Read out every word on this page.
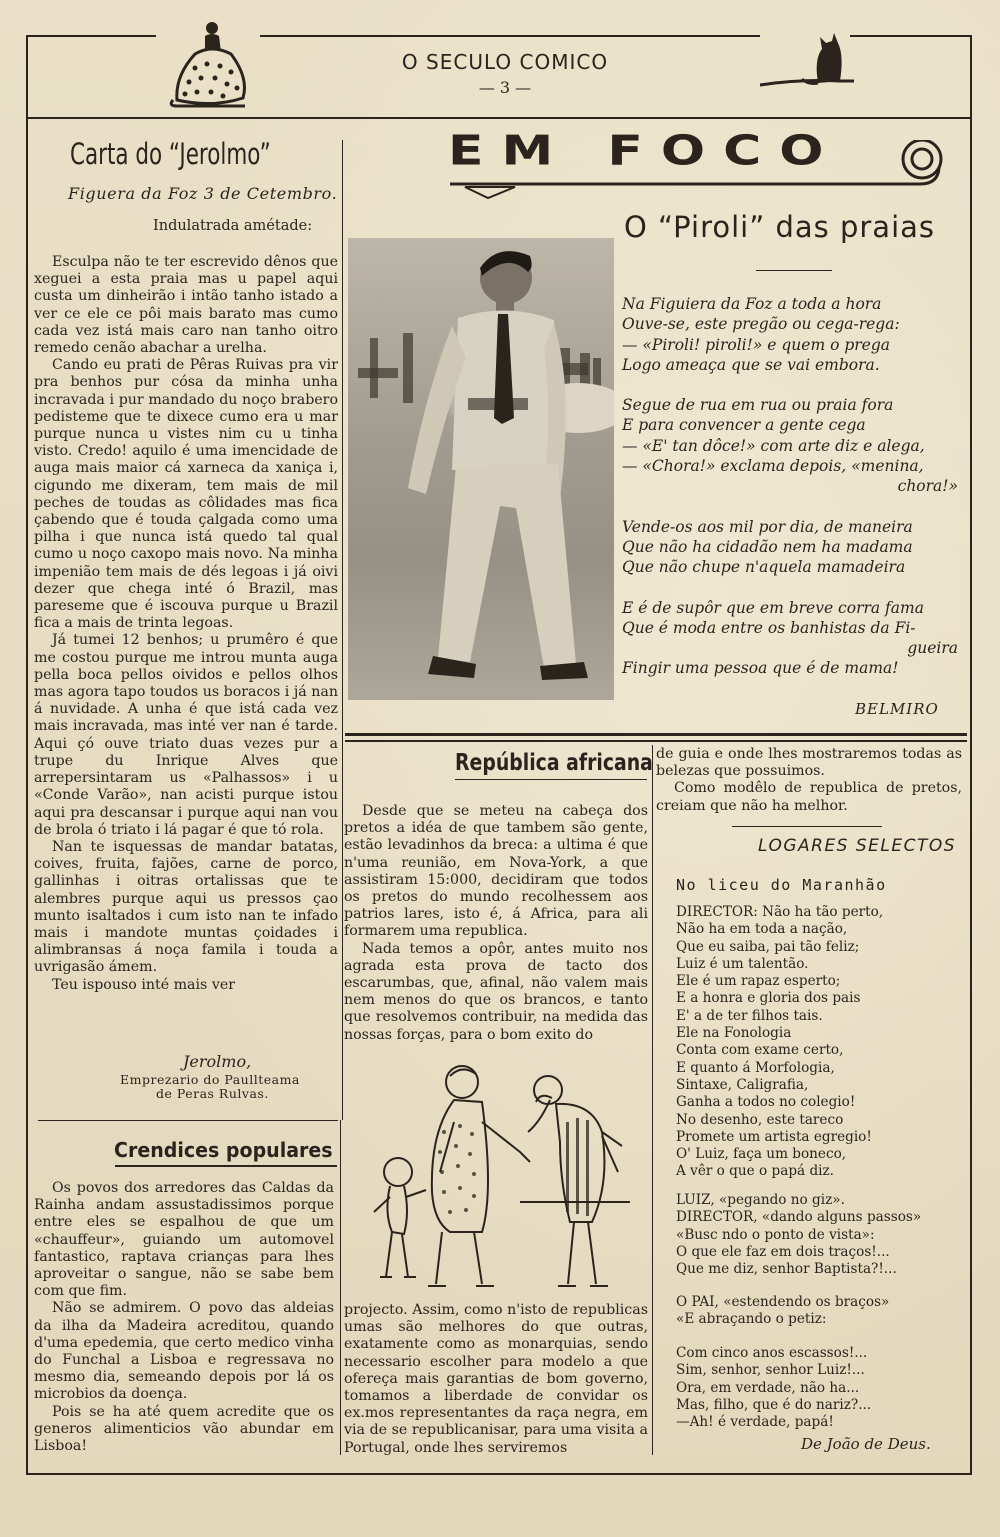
O SECULO COMICO
— 3 —
Carta do “Jerolmo”
Figuera da Foz 3 de Cetembro.
Indulatrada amétade:

Esculpa não te ter escrevido dênos que xeguei a esta praia mas u papel aqui custa um dinheirão i intão tanho istado a ver ce ele ce pôi mais barato mas cumo cada vez istá mais caro nan tanho oitro remedo cenão abachar a urelha.

Cando eu prati de Pêras Ruivas pra vir pra benhos pur cósa da minha unha incravada i pur mandado du noço brabero pedisteme que te dixece cumo era u mar purque nunca u vistes nim cu u tinha visto. Credo! aquilo é uma imencidade de auga mais maior cá xarneca da xaniça i, cigundo me dixeram, tem mais de mil peches de toudas as côlidades mas fica çabendo que é touda çalgada como uma pilha i que nunca istá quedo tal qual cumo u noço caxopo mais novo. Na minha impenião tem mais de dés legoas i já oivi dezer que chega inté ó Brazil, mas pareseme que é iscouva purque u Brazil fica a mais de trinta legoas.

Já tumei 12 benhos; u prumêro é que me costou purque me introu munta auga pella boca pellos oividos e pellos olhos mas agora tapo toudos us boracos i já nan á nuvidade. A unha é que istá cada vez mais incravada, mas inté ver nan é tarde. Aqui çó ouve triato duas vezes pur a trupe du Inrique Alves que arrepersintaram us «Palhassos» i u «Conde Varão», nan acisti purque istou aqui pra descansar i purque aqui nan vou de brola ó triato i lá pagar é que tó rola.

Nan te isquessas de mandar batatas, coives, fruita, fajões, carne de porco, gallinhas i oitras ortalissas que te alembres purque aqui us pressos çao munto isaltados i cum isto nan te infado mais i mandote muntas çoidades i alimbransas á noça famila i touda a uvrigasão ámem.

Teu ispouso inté mais ver

Jerolmo,
Emprezario do Paullteama
de Peras Rulvas.
Crendices populares

Os povos dos arredores das Caldas da Rainha andam assustadissimos porque entre eles se espalhou de que um «chauffeur», guiando um automovel fantastico, raptava crianças para lhes aproveitar o sangue, não se sabe bem com que fim.

Não se admirem. O povo das aldeias da ilha da Madeira acreditou, quando d'uma epedemia, que certo medico vinha do Funchal a Lisboa e regressava no mesmo dia, semeando depois por lá os microbios da doença.

Pois se ha até quem acredite que os generos alimenticios vão abundar em Lisboa!

EM FOCO
O “Piroli” das praias
Na Figuiera da Foz a toda a hora
Ouve-se, este pregão ou cega-rega:
— «Piroli! piroli!» e quem o prega
Logo ameaça que se vai embora.
Segue de rua em rua ou praia fora
E para convencer a gente cega
— «E' tan dôce!» com arte diz e alega,
— «Chora!» exclama depois, «menina,
chora!»
Vende-os aos mil por dia, de maneira
Que não ha cidadão nem ha madama
Que não chupe n'aquela mamadeira
E é de supôr que em breve corra fama
Que é moda entre os banhistas da Fi-
gueira
Fingir uma pessoa que é de mama!
BELMIRO
República africana

Desde que se meteu na cabeça dos pretos a idéa de que tambem são gente, estão levadinhos da breca: a ultima é que n'uma reunião, em Nova-York, a que assistiram 15:000, decidiram que todos os pretos do mundo recolhessem aos patrios lares, isto é, á Africa, para ali formarem uma republica.

Nada temos a opôr, antes muito nos agrada esta prova de tacto dos escarumbas, que, afinal, não valem mais nem menos do que os brancos, e tanto que resolvemos contribuir, na medida das nossas forças, para o bom exito do

projecto. Assim, como n'isto de republicas umas são melhores do que outras, exatamente como as monarquias, sendo necessario escolher para modelo a que ofereça mais garantias de bom governo, tomamos a liberdade de convidar os ex.mos representantes da raça negra, em via de se republicanisar, para uma visita a Portugal, onde lhes serviremos

de guia e onde lhes mostraremos todas as belezas que possuimos.

Como modêlo de republica de pretos, creiam que não ha melhor.

LOGARES SELECTOS
No liceu do Maranhão
DIRECTOR: Não ha tão perto,
Não ha em toda a nação,
Que eu saiba, pai tão feliz;
Luiz é um talentão.
Ele é um rapaz esperto;
E a honra e gloria dos pais
E' a de ter filhos tais.
Ele na Fonologia
Conta com exame certo,
E quanto á Morfologia,
Sintaxe, Caligrafia,
Ganha a todos no colegio!
No desenho, este tareco
Promete um artista egregio!
O' Luiz, faça um boneco,
A vêr o que o papá diz.
LUIZ, «pegando no giz».
DIRECTOR, «dando alguns passos»
«Busc ndo o ponto de vista»:
O que ele faz em dois traços!...
Que me diz, senhor Baptista?!...
O PAI, «estendendo os braços»
«E abraçando o petiz:
Com cinco anos escassos!...
Sim, senhor, senhor Luiz!...
Ora, em verdade, não ha...
Mas, filho, que é do nariz?...
—Ah! é verdade, papá!
De João de Deus.
